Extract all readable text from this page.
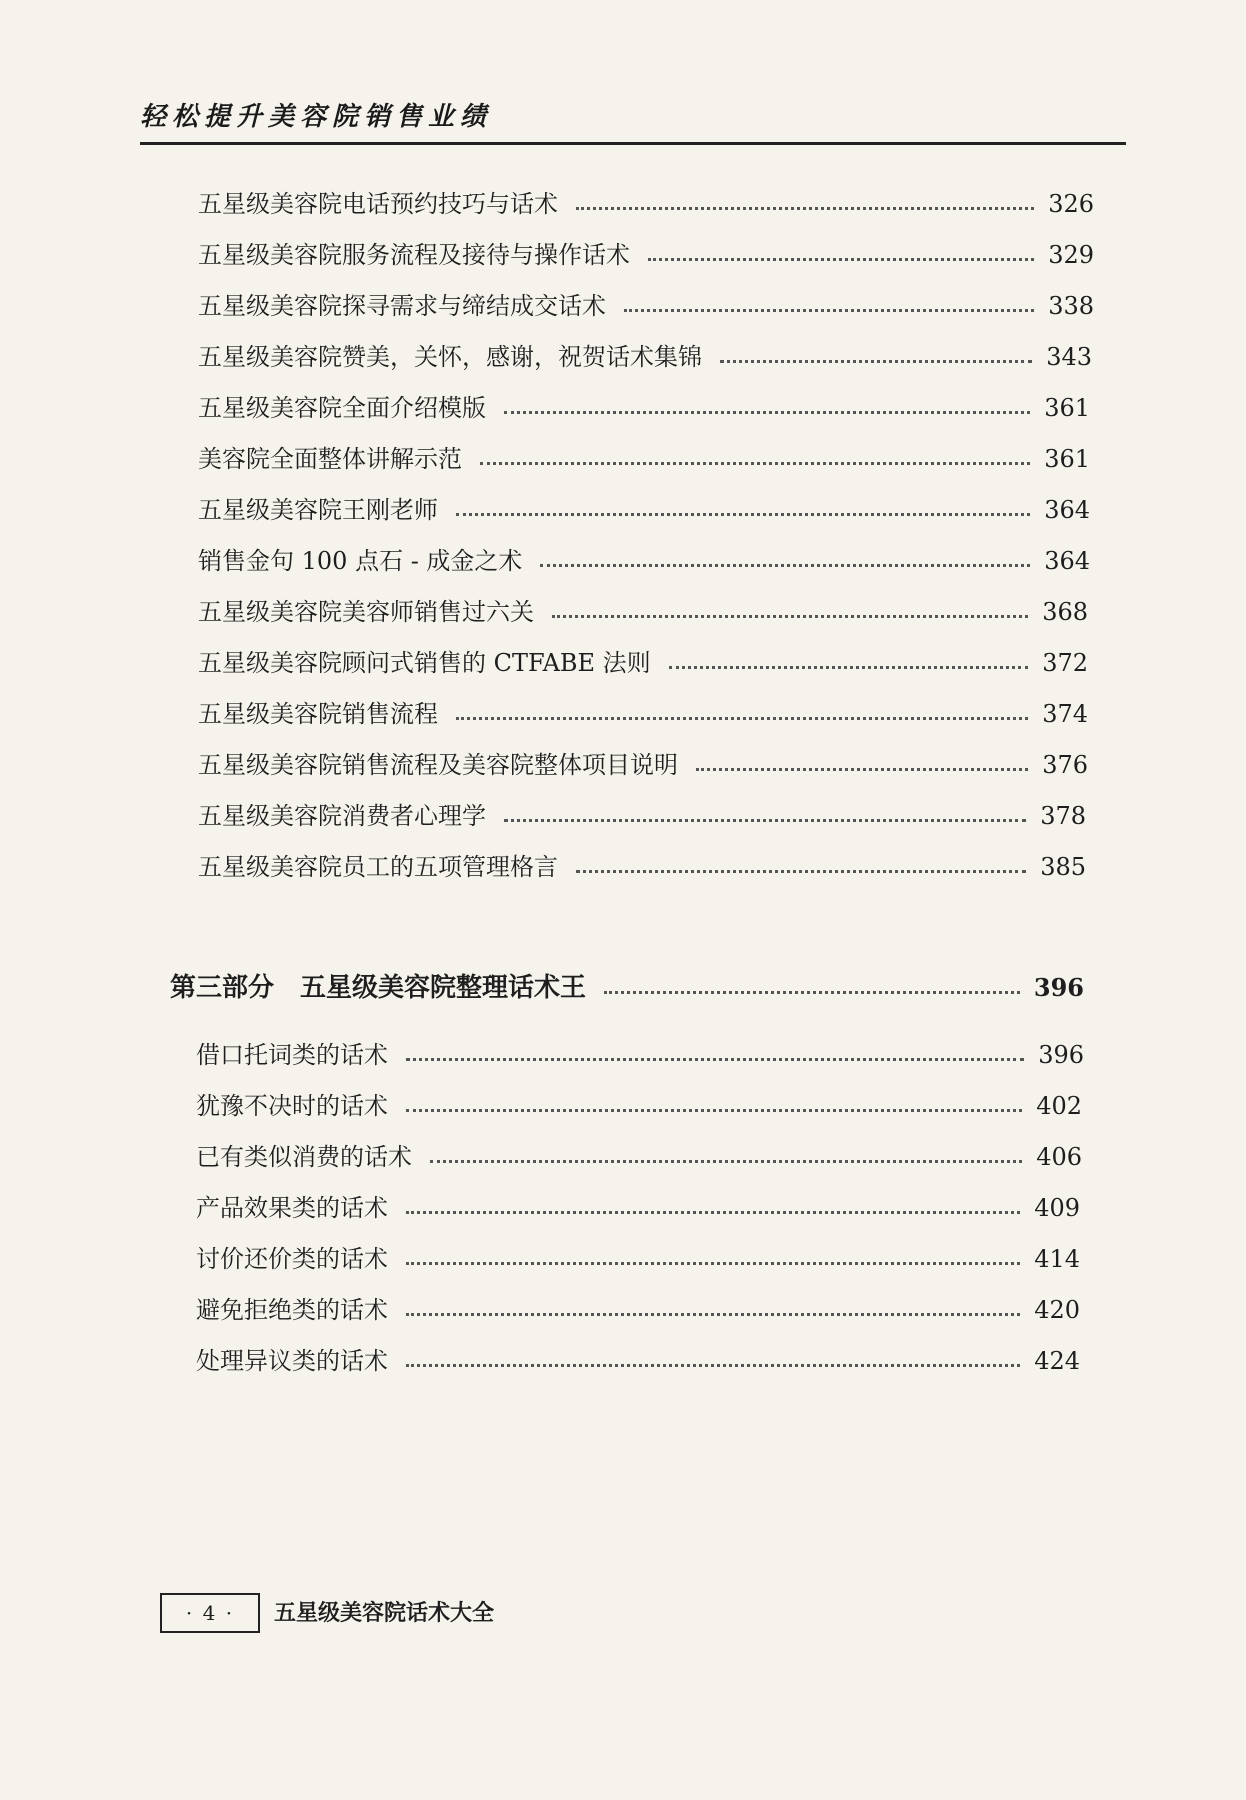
轻松提升美容院销售业绩
五星级美容院电话预约技巧与话术	326
五星级美容院服务流程及接待与操作话术	329
五星级美容院探寻需求与缔结成交话术	338
五星级美容院赞美，关怀，感谢，祝贺话术集锦	343
五星级美容院全面介绍模版	361
美容院全面整体讲解示范	361
五星级美容院王刚老师	364
销售金句 100 点石 - 成金之术	364
五星级美容院美容师销售过六关	368
五星级美容院顾问式销售的 CTFABE 法则	372
五星级美容院销售流程	374
五星级美容院销售流程及美容院整体项目说明	376
五星级美容院消费者心理学	378
五星级美容院员工的五项管理格言	385
第三部分　五星级美容院整理话术王	396
借口托词类的话术	396
犹豫不决时的话术	402
已有类似消费的话术	406
产品效果类的话术	409
讨价还价类的话术	414
避免拒绝类的话术	420
处理异议类的话术	424
· 4 · 五星级美容院话术大全
